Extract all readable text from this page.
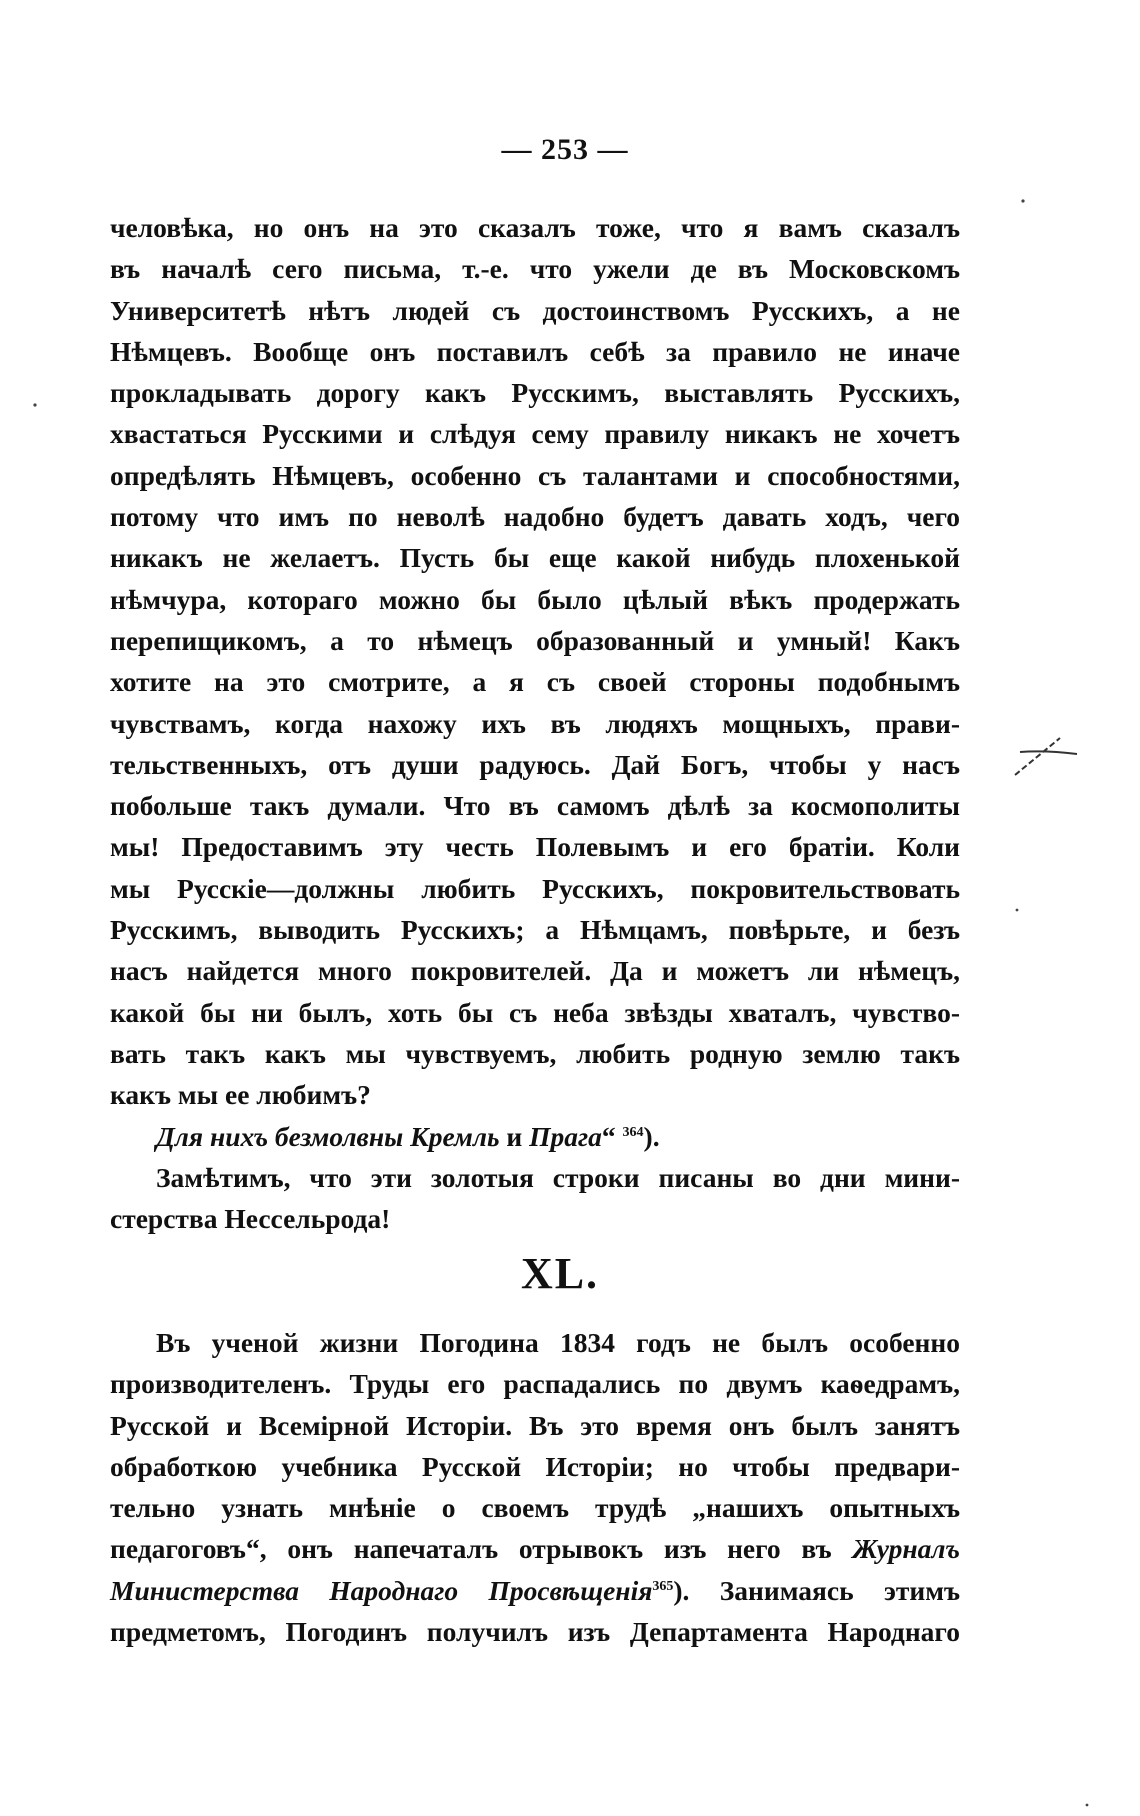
— 253 —
человѣка, но онъ на это сказалъ тоже, что я вамъ сказалъ
въ началѣ сего письма, т.-е. что ужели де въ Московскомъ
Университетѣ нѣтъ людей съ достоинствомъ Русскихъ, а не
Нѣмцевъ. Вообще онъ поставилъ себѣ за правило не иначе
прокладывать дорогу какъ Русскимъ, выставлять Русскихъ,
хвастаться Русскими и слѣдуя сему правилу никакъ не хочетъ
опредѣлять Нѣмцевъ, особенно съ талантами и способностями,
потому что имъ по неволѣ надобно будетъ давать ходъ, чего
никакъ не желаетъ. Пусть бы еще какой нибудь плохенькой
нѣмчура, котораго можно бы было цѣлый вѣкъ продержать
перепищикомъ, а то нѣмецъ образованный и умный! Какъ
хотите на это смотрите, а я съ своей стороны подобнымъ
чувствамъ, когда нахожу ихъ въ людяхъ мощныхъ, прави-
тельственныхъ, отъ души радуюсь. Дай Богъ, чтобы у насъ
побольше такъ думали. Что въ самомъ дѣлѣ за космополиты
мы! Предоставимъ эту честь Полевымъ и его братіи. Коли
мы Русскіе—должны любить Русскихъ, покровительствовать
Русскимъ, выводить Русскихъ; а Нѣмцамъ, повѣрьте, и безъ
насъ найдется много покровителей. Да и можетъ ли нѣмецъ,
какой бы ни былъ, хоть бы съ неба звѣзды хваталъ, чувство-
вать такъ какъ мы чувствуемъ, любить родную землю такъ
какъ мы ее любимъ?
Для нихъ безмолвны Кремль и Прага“ $^{364}$).
Замѣтимъ, что эти золотыя строки писаны во дни мини-
стерства Нессельрода!
XL.
Въ ученой жизни Погодина 1834 годъ не былъ особенно
производителенъ. Труды его распадались по двумъ каѳедрамъ,
Русской и Всемірной Исторіи. Въ это время онъ былъ занятъ
обработкою учебника Русской Исторіи; но чтобы предвари-
тельно узнать мнѣніе о своемъ трудѣ „нашихъ опытныхъ
педагоговъ“, онъ напечаталъ отрывокъ изъ него въ Журналъ
Министерства Народнаго Просвѣщенія$^{365}$). Занимаясь этимъ
предметомъ, Погодинъ получилъ изъ Департамента Народнаго
